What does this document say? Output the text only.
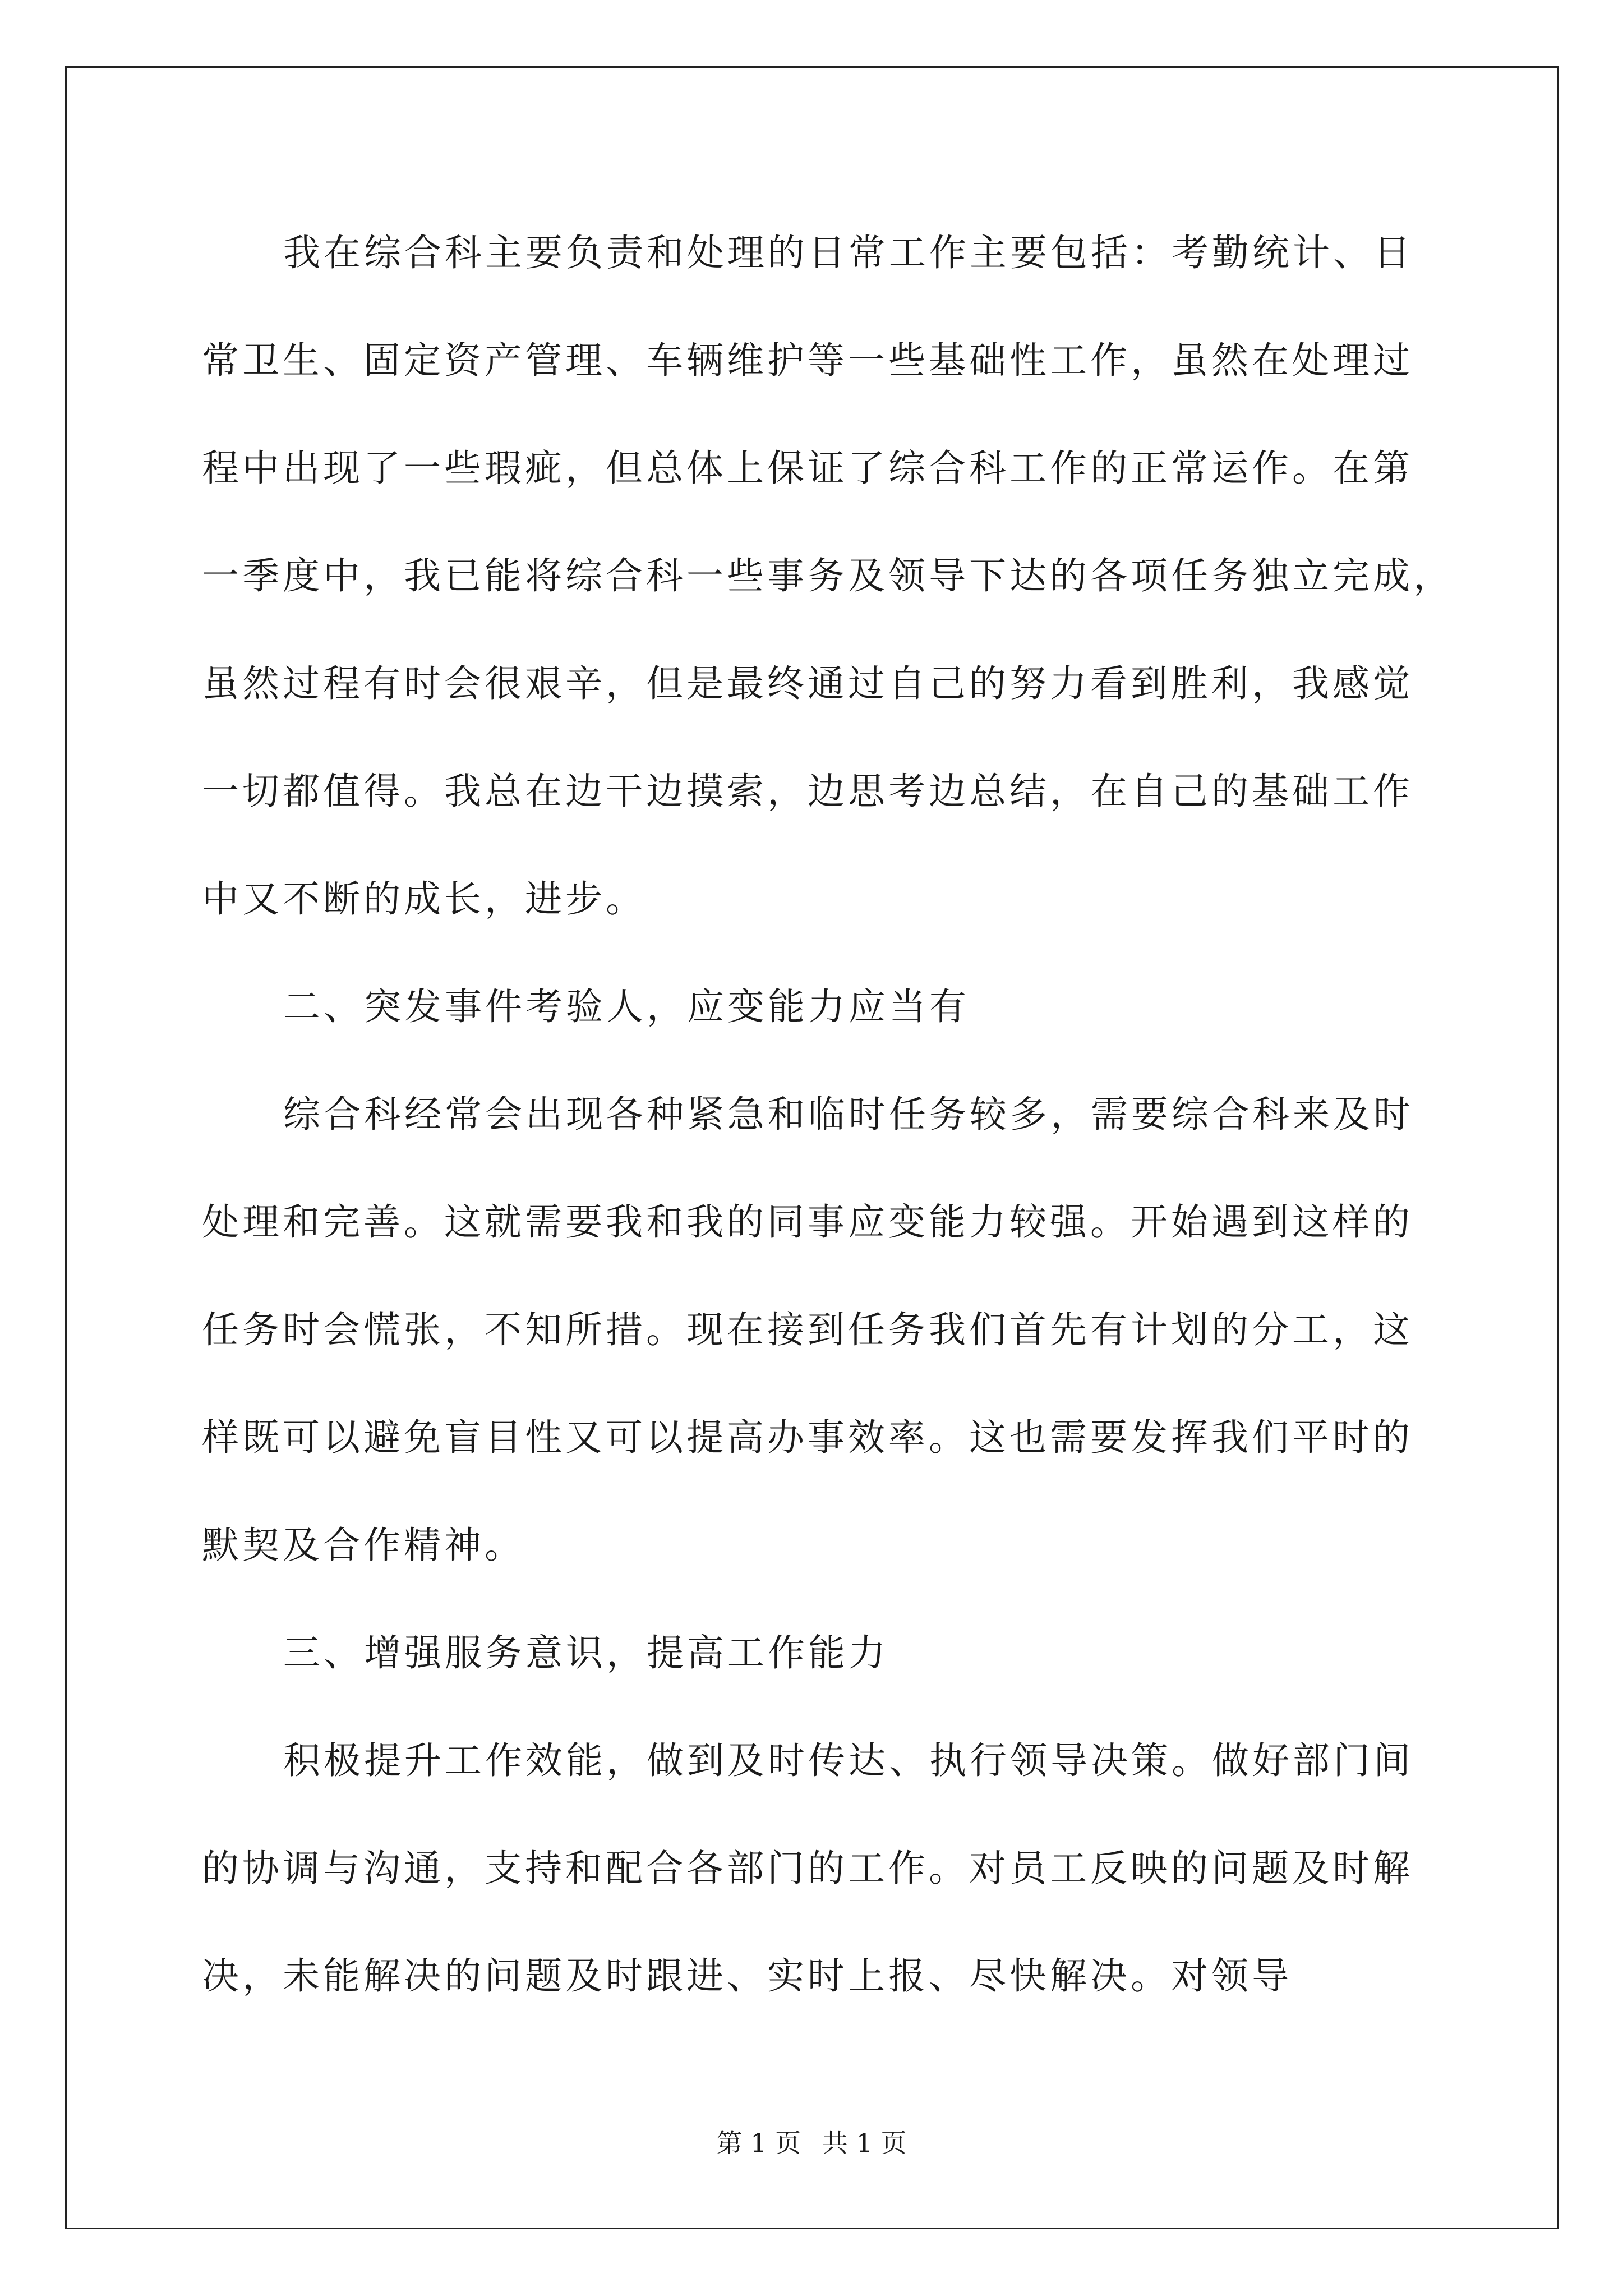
我在综合科主要负责和处理的日常工作主要包括：考勤统计、日
常卫生、固定资产管理、车辆维护等一些基础性工作，虽然在处理过
程中出现了一些瑕疵，但总体上保证了综合科工作的正常运作。在第
一季度中，我已能将综合科一些事务及领导下达的各项任务独立完成，
虽然过程有时会很艰辛，但是最终通过自己的努力看到胜利，我感觉
一切都值得。我总在边干边摸索，边思考边总结，在自己的基础工作
中又不断的成长，进步。
二、突发事件考验人，应变能力应当有
综合科经常会出现各种紧急和临时任务较多，需要综合科来及时
处理和完善。这就需要我和我的同事应变能力较强。开始遇到这样的
任务时会慌张，不知所措。现在接到任务我们首先有计划的分工，这
样既可以避免盲目性又可以提高办事效率。这也需要发挥我们平时的
默契及合作精神。
三、增强服务意识，提高工作能力
积极提升工作效能，做到及时传达、执行领导决策。做好部门间
的协调与沟通，支持和配合各部门的工作。对员工反映的问题及时解
决，未能解决的问题及时跟进、实时上报、尽快解决。对领导
第 1 页 共 1 页
